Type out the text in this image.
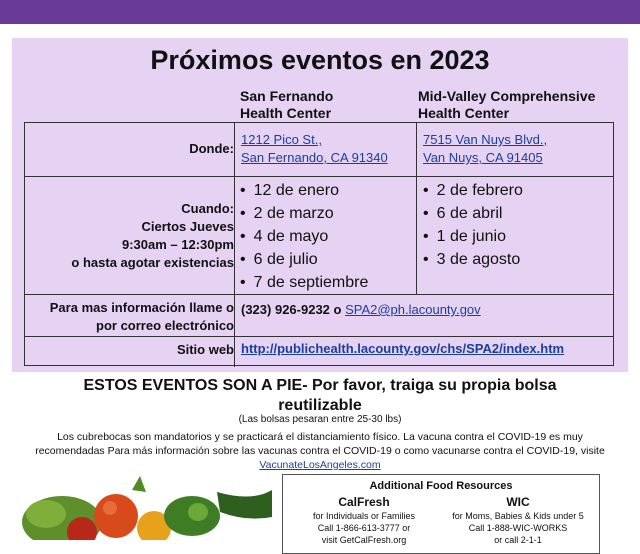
Próximos eventos en 2023
San Fernando
Health Center
Mid-Valley Comprehensive
Health Center
Donde:
1212 Pico St.,
San Fernando, CA 91340
7515 Van Nuys Blvd.,
Van Nuys, CA 91405
Cuando:
Ciertos Jueves
9:30am – 12:30pm
o hasta agotar existencias
• 12 de enero
• 2 de marzo
• 4 de mayo
• 6 de julio
• 7 de septiembre
• 2 de febrero
• 6 de abril
• 1 de junio
• 3 de agosto
Para mas información llame o
por correo electrónico
(323) 926-9232 o SPA2@ph.lacounty.gov
Sitio web http://publichealth.lacounty.gov/chs/SPA2/index.htm
ESTOS EVENTOS SON A PIE- Por favor, traiga su propia bolsa reutilizable
(Las bolsas pesaran entre 25-30 lbs)
Los cubrebocas son mandatorios y se practicará el distanciamiento físico. La vacuna contra el COVID-19 es muy recomendadas Para más información sobre las vacunas contra el COVID-19 o como vacunarse contra el COVID-19, visite VacunateLosAngeles.com
Additional Food Resources
CalFresh
for Individuals or Families
Call 1-866-613-3777 or
visit GetCalFresh.org
WIC
for Moms, Babies & Kids under 5
Call 1-888-WIC-WORKS
or call 2-1-1
